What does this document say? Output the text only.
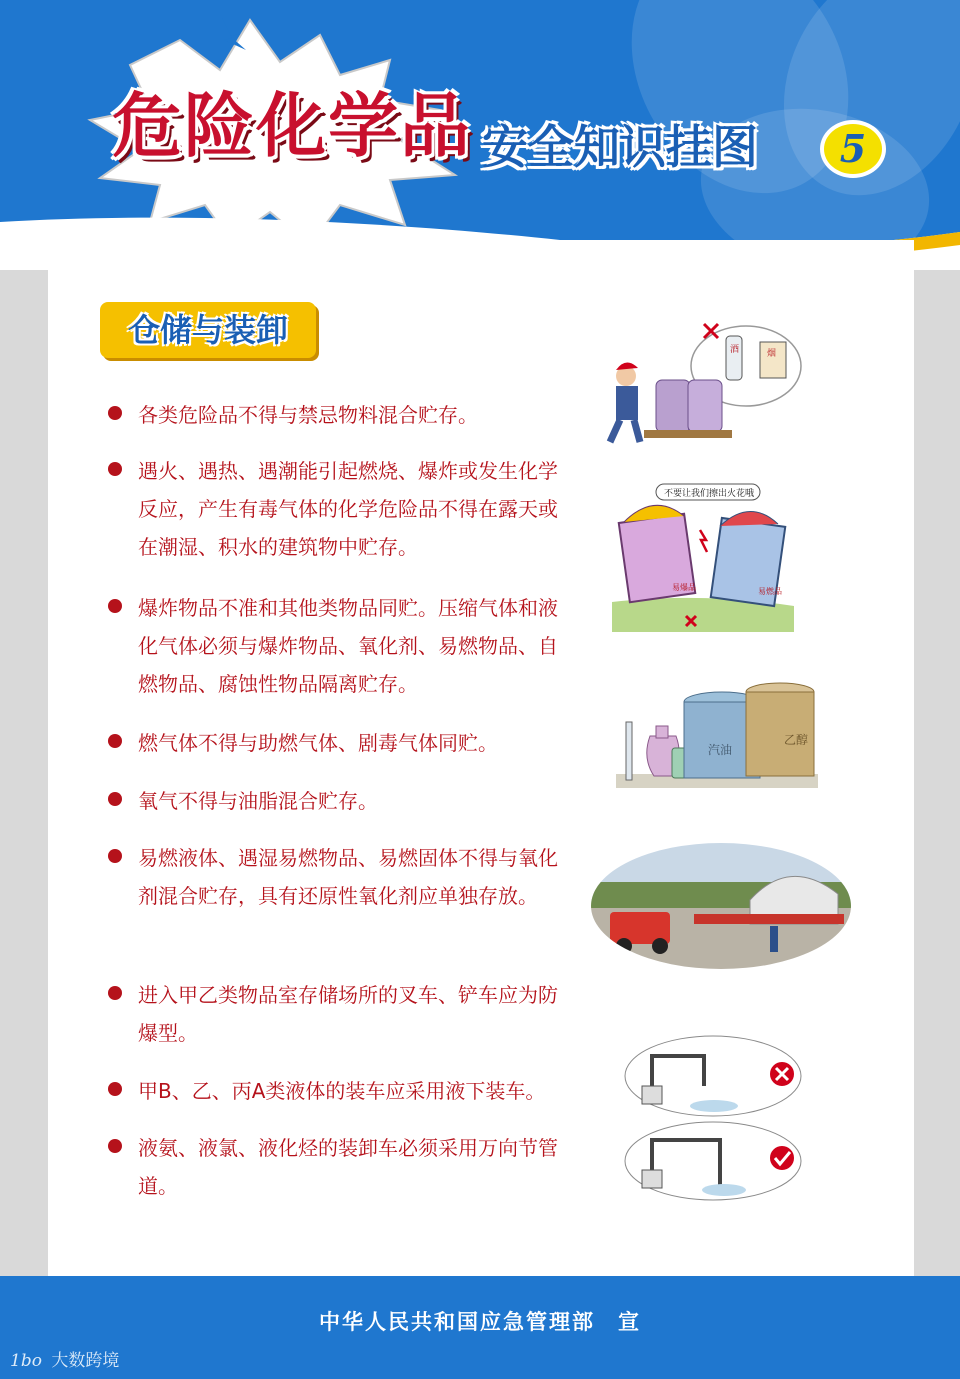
危险化学品 安全知识挂图	5
仓储与装卸
各类危险品不得与禁忌物料混合贮存。
遇火、遇热、遇潮能引起燃烧、爆炸或发生化学反应，产生有毒气体的化学危险品不得在露天或在潮湿、积水的建筑物中贮存。
爆炸物品不准和其他类物品同贮。压缩气体和液化气体必须与爆炸物品、氧化剂、易燃物品、自燃物品、腐蚀性物品隔离贮存。
燃气体不得与助燃气体、剧毒气体同贮。
氧气不得与油脂混合贮存。
易燃液体、遇湿易燃物品、易燃固体不得与氧化剂混合贮存，具有还原性氧化剂应单独存放。
进入甲乙类物品室存储场所的叉车、铲车应为防爆型。
甲B、乙、丙A类液体的装车应采用液下装车。
液氨、液氯、液化烃的装卸车必须采用万向节管道。
酒	烟
不要让我们擦出火花哦
易爆品	易燃品
汽油
乙醇
中华人民共和国应急管理部　宣
1bo 大数跨境
